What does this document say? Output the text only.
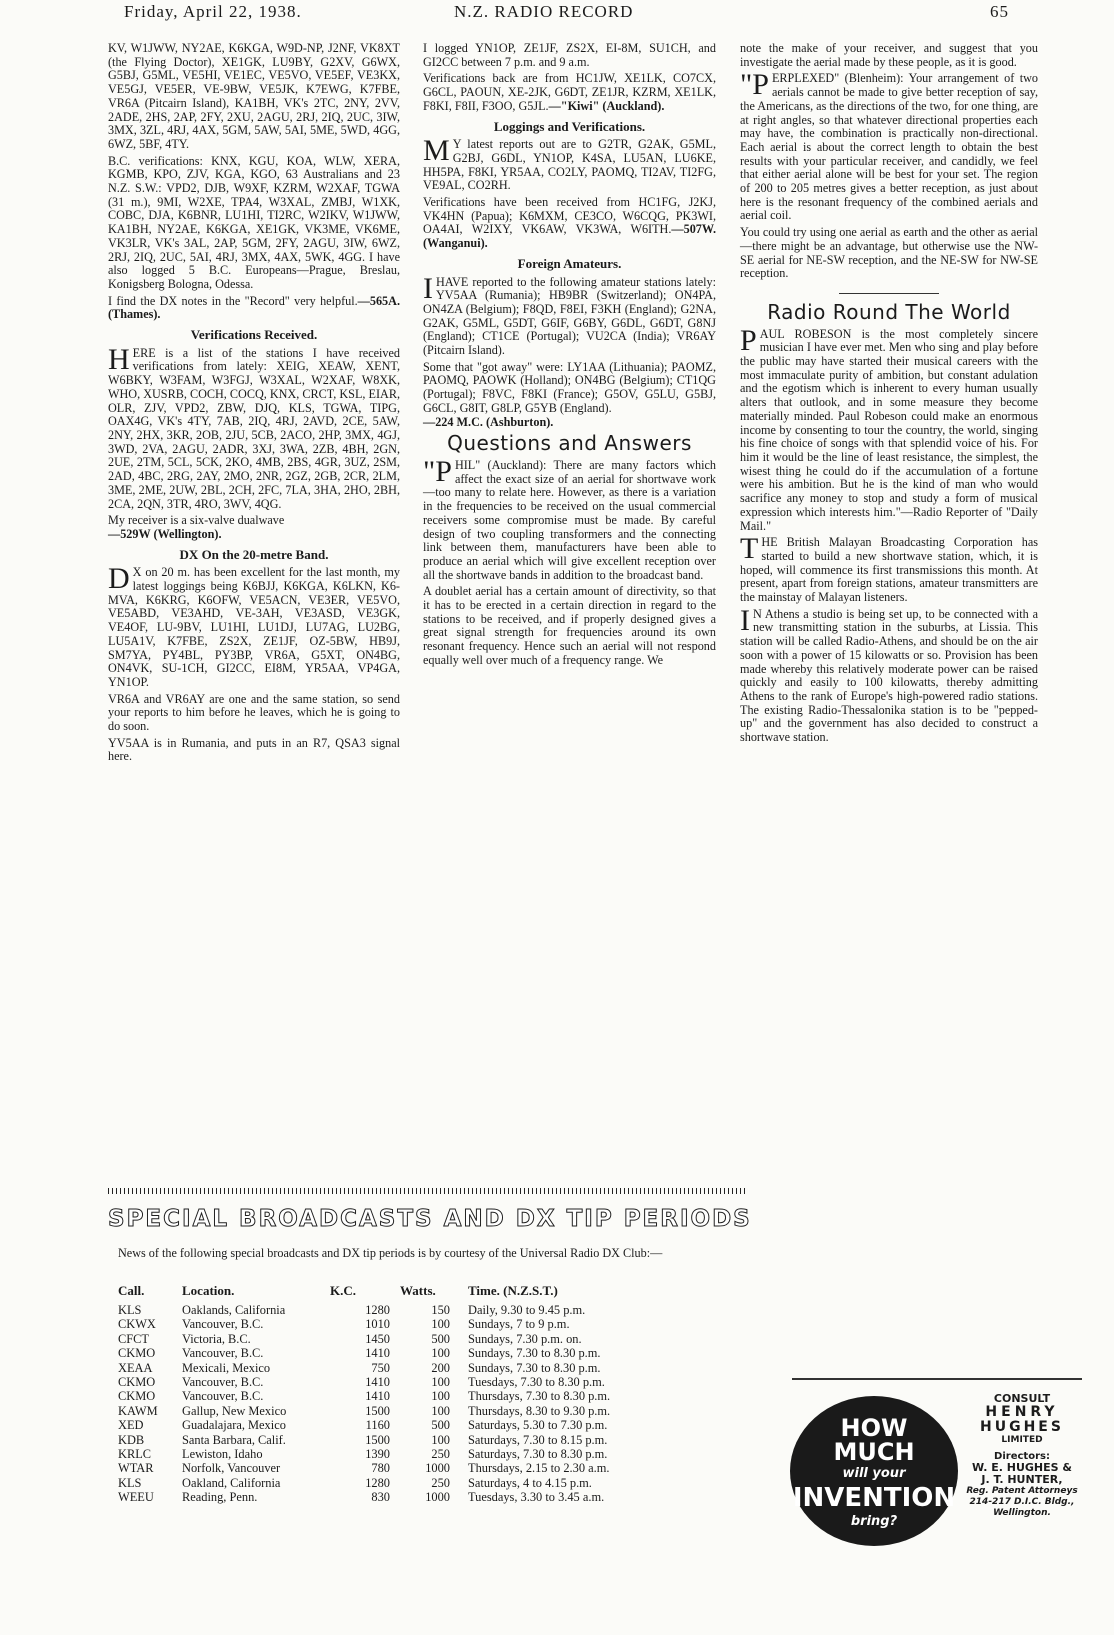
Friday, April 22, 1938.	N.Z. RADIO RECORD	65

KV, W1JWW, NY2AE, K6KGA, W9D-NP, J2NF, VK8XT (the Flying Doctor), XE1GK, LU9BY, G2XV, G6WX, G5BJ, G5ML, VE5HI, VE1EC, VE5VO, VE5EF, VE3KX, VE5GJ, VE5ER, VE-9BW, VE5JK, K7EWG, K7FBE, VR6A (Pitcairn Island), KA1BH, VK's 2TC, 2NY, 2VV, 2ADE, 2HS, 2AP, 2FY, 2XU, 2AGU, 2RJ, 2IQ, 2UC, 3IW, 3MX, 3ZL, 4RJ, 4AX, 5GM, 5AW, 5AI, 5ME, 5WD, 4GG, 6WZ, 5BF, 4TY.

B.C. verifications: KNX, KGU, KOA, WLW, XERA, KGMB, KPO, ZJV, KGA, KGO, 63 Australians and 23 N.Z. S.W.: VPD2, DJB, W9XF, KZRM, W2XAF, TGWA (31 m.), 9MI, W2XE, TPA4, W3XAL, ZMBJ, W1XK, COBC, DJA, K6BNR, LU1HI, TI2RC, W2IKV, W1JWW, KA1BH, NY2AE, K6KGA, XE1GK, VK3ME, VK6ME, VK3LR, VK's 3AL, 2AP, 5GM, 2FY, 2AGU, 3IW, 6WZ, 2RJ, 2IQ, 2UC, 5AI, 4RJ, 3MX, 4AX, 5WK, 4GG. I have also logged 5 B.C. Europeans—Prague, Breslau, Konigsberg Bologna, Odessa.

I find the DX notes in the "Record" very helpful.—565A. (Thames).

Verifications Received.

HERE is a list of the stations I have received verifications from lately: XEIG, XEAW, XENT, W6BKY, W3FAM, W3FGJ, W3XAL, W2XAF, W8XK, WHO, XUSRB, COCH, COCQ, KNX, CRCT, KSL, EIAR, OLR, ZJV, VPD2, ZBW, DJQ, KLS, TGWA, TIPG, OAX4G, VK's 4TY, 7AB, 2IQ, 4RJ, 2AVD, 2CE, 5AW, 2NY, 2HX, 3KR, 2OB, 2JU, 5CB, 2ACO, 2HP, 3MX, 4GJ, 3WD, 2VA, 2AGU, 2ADR, 3XJ, 3WA, 2ZB, 4BH, 2GN, 2UE, 2TM, 5CL, 5CK, 2KO, 4MB, 2BS, 4GR, 3UZ, 2SM, 2AD, 4BC, 2RG, 2AY, 2MO, 2NR, 2GZ, 2GB, 2CR, 2LM, 3ME, 2ME, 2UW, 2BL, 2CH, 2FC, 7LA, 3HA, 2HO, 2BH, 2CA, 2QN, 3TR, 4RO, 3WV, 4QG.

My receiver is a six-valve dualwave
—529W (Wellington).

DX On the 20-metre Band.

D X on 20 m. has been excellent for the last month, my latest loggings being K6BJJ, K6KGA, K6LKN, K6-MVA, K6KRG, K6OFW, VE5ACN, VE3ER, VE5VO, VE5ABD, VE3AHD, VE-3AH, VE3ASD, VE3GK, VE4OF, LU-9BV, LU1HI, LU1DJ, LU7AG, LU2BG, LU5A1V, K7FBE, ZS2X, ZE1JF, OZ-5BW, HB9J, SM7YA, PY4BL, PY3BP, VR6A, G5XT, ON4BG, ON4VK, SU-1CH, GI2CC, EI8M, YR5AA, VP4GA, YN1OP.

VR6A and VR6AY are one and the same station, so send your reports to him before he leaves, which he is going to do soon.

YV5AA is in Rumania, and puts in an R7, QSA3 signal here.

I logged YN1OP, ZE1JF, ZS2X, EI-8M, SU1CH, and GI2CC between 7 p.m. and 9 a.m.

Verifications back are from HC1JW, XE1LK, CO7CX, G6CL, PAOUN, XE-2JK, G6DT, ZE1JR, KZRM, XE1LK, F8KI, F8II, F3OO, G5JL.—"Kiwi" (Auckland).

Loggings and Verifications.

M Y latest reports out are to G2TR, G2AK, G5ML, G2BJ, G6DL, YN1OP, K4SA, LU5AN, LU6KE, HH5PA, F8KI, YR5AA, CO2LY, PAOMQ, TI2AV, TI2FG, VE9AL, CO2RH.

Verifications have been received from HC1FG, J2KJ, VK4HN (Papua); K6MXM, CE3CO, W6CQG, PK3WI, OA4AI, W2IXY, VK6AW, VK3WA, W6ITH.—507W. (Wanganui).

Foreign Amateurs.

IHAVE reported to the following amateur stations lately: YV5AA (Rumania); HB9BR (Switzerland); ON4PA, ON4ZA (Belgium); F8QD, F8EI, F3KH (England); G2NA, G2AK, G5ML, G5DT, G6IF, G6BY, G6DL, G6DT, G8NJ (England); CT1CE (Portugal); VU2CA (India); VR6AY (Pitcairn Island).

Some that "got away" were: LY1AA (Lithuania); PAOMZ, PAOMQ, PAOWK (Holland); ON4BG (Belgium); CT1QG (Portugal); F8VC, F8KI (France); G5OV, G5LU, G5BJ, G6CL, G8IT, G8LP, G5YB (England).
—224 M.C. (Ashburton).

Questions and Answers

"PHIL" (Auckland): There are many factors which affect the exact size of an aerial for shortwave work—too many to relate here. However, as there is a variation in the frequencies to be received on the usual commercial receivers some compromise must be made. By careful design of two coupling transformers and the connecting link between them, manufacturers have been able to produce an aerial which will give excellent reception over all the shortwave bands in addition to the broadcast band.

A doublet aerial has a certain amount of directivity, so that it has to be erected in a certain direction in regard to the stations to be received, and if properly designed gives a great signal strength for frequencies around its own resonant frequency. Hence such an aerial will not respond equally well over much of a frequency range. We

note the make of your receiver, and suggest that you investigate the aerial made by these people, as it is good.

"PERPLEXED" (Blenheim): Your arrangement of two aerials cannot be made to give better reception of say, the Americans, as the directions of the two, for one thing, are at right angles, so that whatever directional properties each may have, the combination is practically non-directional. Each aerial is about the correct length to obtain the best results with your particular receiver, and candidly, we feel that either aerial alone will be best for your set. The region of 200 to 205 metres gives a better reception, as just about here is the resonant frequency of the combined aerials and aerial coil.

You could try using one aerial as earth and the other as aerial—there might be an advantage, but otherwise use the NW-SE aerial for NE-SW reception, and the NE-SW for NW-SE reception.

Radio Round The World

PAUL ROBESON is the most completely sincere musician I have ever met. Men who sing and play before the public may have started their musical careers with the most immaculate purity of ambition, but constant adulation and the egotism which is inherent to every human usually alters that outlook, and in some measure they become materially minded. Paul Robeson could make an enormous income by consenting to tour the country, the world, singing his fine choice of songs with that splendid voice of his. For him it would be the line of least resistance, the simplest, the wisest thing he could do if the accumulation of a fortune were his ambition. But he is the kind of man who would sacrifice any money to stop and study a form of musical expression which interests him."—Radio Reporter of "Daily Mail."

THE British Malayan Broadcasting Corporation has started to build a new shortwave station, which, it is hoped, will commence its first transmissions this month. At present, apart from foreign stations, amateur transmitters are the mainstay of Malayan listeners.

I N Athens a studio is being set up, to be connected with a new transmitting station in the suburbs, at Lissia. This station will be called Radio-Athens, and should be on the air soon with a power of 15 kilowatts or so. Provision has been made whereby this relatively moderate power can be raised quickly and easily to 100 kilowatts, thereby admitting Athens to the rank of Europe's high-powered radio stations. The existing Radio-Thessalonika station is to be "pepped-up" and the government has also decided to construct a shortwave station.

SPECIAL BROADCASTS AND DX TIP PERIODS
News of the following special broadcasts and DX tip periods is by courtesy of the Universal Radio DX Club:—
Call.	Location.	K.C.	Watts.	Time. (N.Z.S.T.)
KLS	Oaklands, California	1280	150	Daily, 9.30 to 9.45 p.m.
CKWX	Vancouver, B.C.	1010	100	Sundays, 7 to 9 p.m.
CFCT	Victoria, B.C.	1450	500	Sundays, 7.30 p.m. on.
CKMO	Vancouver, B.C.	1410	100	Sundays, 7.30 to 8.30 p.m.
XEAA	Mexicali, Mexico	750	200	Sundays, 7.30 to 8.30 p.m.
CKMO	Vancouver, B.C.	1410	100	Tuesdays, 7.30 to 8.30 p.m.
CKMO	Vancouver, B.C.	1410	100	Thursdays, 7.30 to 8.30 p.m.
KAWM	Gallup, New Mexico	1500	100	Thursdays, 8.30 to 9.30 p.m.
XED	Guadalajara, Mexico	1160	500	Saturdays, 5.30 to 7.30 p.m.
KDB	Santa Barbara, Calif.	1500	100	Saturdays, 7.30 to 8.15 p.m.
KRLC	Lewiston, Idaho	1390	250	Saturdays, 7.30 to 8.30 p.m.
WTAR	Norfolk, Vancouver	780	1000	Thursdays, 2.15 to 2.30 a.m.
KLS	Oakland, California	1280	250	Saturdays, 4 to 4.15 p.m.
WEEU	Reading, Penn.	830	1000	Tuesdays, 3.30 to 3.45 a.m.
HOW
MUCH
will your
INVENTION
bring?
CONSULT
HENRY
HUGHES
LIMITED
Directors:
W. E. HUGHES &
J. T. HUNTER,
Reg. Patent Attorneys
214-217 D.I.C. Bldg.,
Wellington.
